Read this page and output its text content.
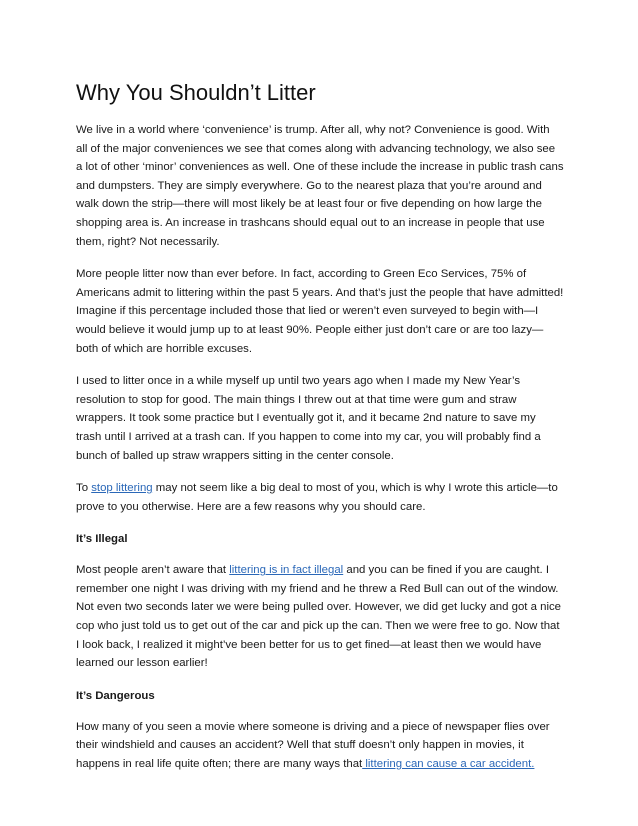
Why You Shouldn’t Litter

We live in a world where ‘convenience’ is trump. After all, why not? Convenience is good. With all of the major conveniences we see that comes along with advancing technology, we also see a lot of other ‘minor’ conveniences as well. One of these include the increase in public trash cans and dumpsters. They are simply everywhere. Go to the nearest plaza that you’re around and walk down the strip—there will most likely be at least four or five depending on how large the shopping area is. An increase in trashcans should equal out to an increase in people that use them, right? Not necessarily.

More people litter now than ever before. In fact, according to Green Eco Services, 75% of Americans admit to littering within the past 5 years. And that’s just the people that have admitted! Imagine if this percentage included those that lied or weren’t even surveyed to begin with—I would believe it would jump up to at least 90%. People either just don’t care or are too lazy—both of which are horrible excuses.

I used to litter once in a while myself up until two years ago when I made my New Year’s resolution to stop for good. The main things I threw out at that time were gum and straw wrappers. It took some practice but I eventually got it, and it became 2nd nature to save my trash until I arrived at a trash can. If you happen to come into my car, you will probably find a bunch of balled up straw wrappers sitting in the center console.

To stop littering may not seem like a big deal to most of you, which is why I wrote this article—to prove to you otherwise. Here are a few reasons why you should care.

It’s Illegal

Most people aren’t aware that littering is in fact illegal and you can be fined if you are caught. I remember one night I was driving with my friend and he threw a Red Bull can out of the window. Not even two seconds later we were being pulled over. However, we did get lucky and got a nice cop who just told us to get out of the car and pick up the can. Then we were free to go. Now that I look back, I realized it might’ve been better for us to get fined—at least then we would have learned our lesson earlier!

It’s Dangerous

How many of you seen a movie where someone is driving and a piece of newspaper flies over their windshield and causes an accident? Well that stuff doesn’t only happen in movies, it happens in real life quite often; there are many ways that littering can cause a car accident.
